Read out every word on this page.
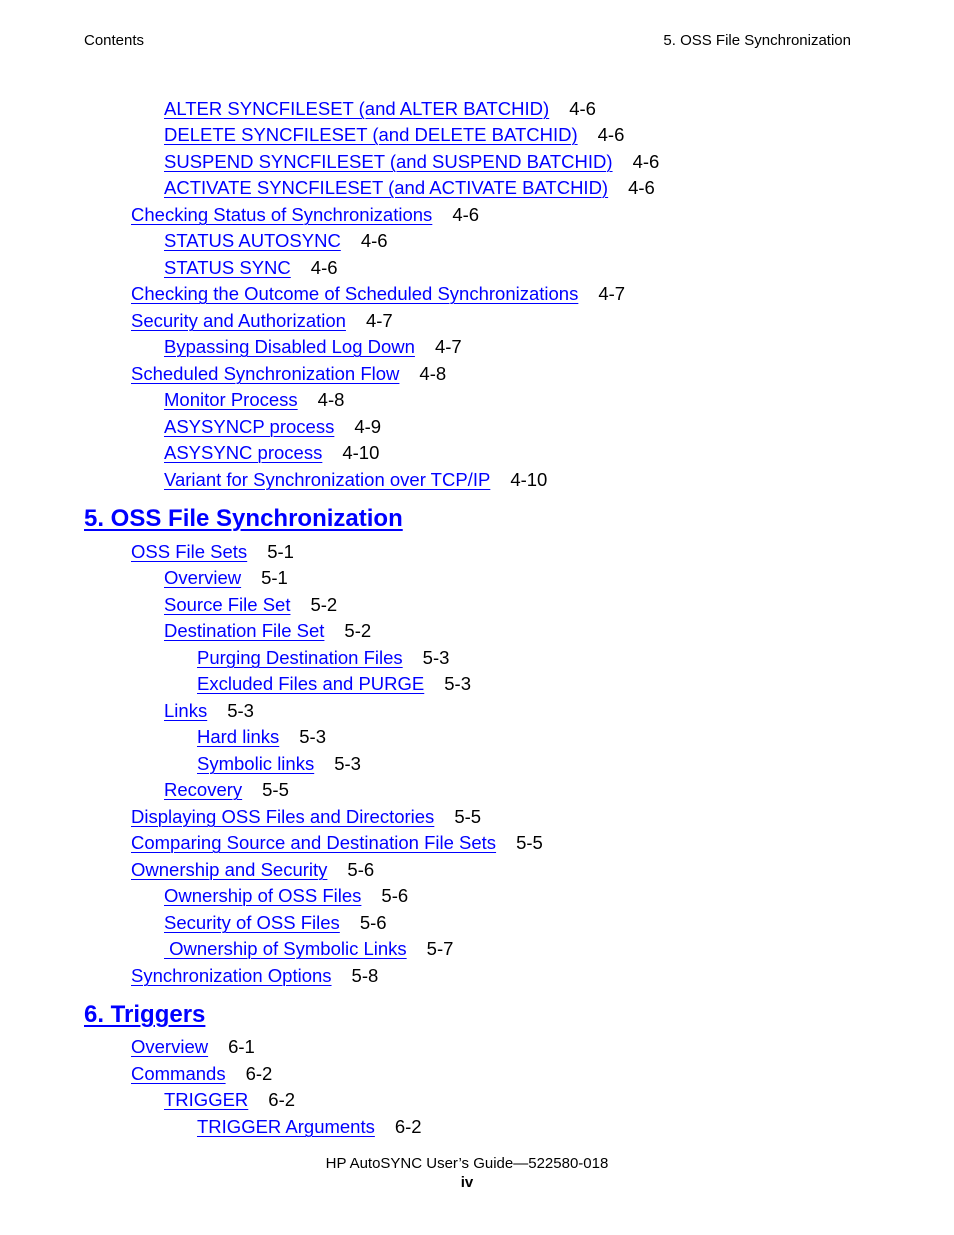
Contents	5. OSS File Synchronization
ALTER SYNCFILESET (and ALTER BATCHID) 4-6
DELETE SYNCFILESET (and DELETE BATCHID) 4-6
SUSPEND SYNCFILESET (and SUSPEND BATCHID) 4-6
ACTIVATE SYNCFILESET (and ACTIVATE BATCHID) 4-6
Checking Status of Synchronizations 4-6
STATUS AUTOSYNC 4-6
STATUS SYNC 4-6
Checking the Outcome of Scheduled Synchronizations 4-7
Security and Authorization 4-7
Bypassing Disabled Log Down 4-7
Scheduled Synchronization Flow 4-8
Monitor Process 4-8
ASYSYNCP process 4-9
ASYSYNC process 4-10
Variant for Synchronization over TCP/IP 4-10
5. OSS File Synchronization
OSS File Sets 5-1
Overview 5-1
Source File Set 5-2
Destination File Set 5-2
Purging Destination Files 5-3
Excluded Files and PURGE 5-3
Links 5-3
Hard links 5-3
Symbolic links 5-3
Recovery 5-5
Displaying OSS Files and Directories 5-5
Comparing Source and Destination File Sets 5-5
Ownership and Security 5-6
Ownership of OSS Files 5-6
Security of OSS Files 5-6
Ownership of Symbolic Links 5-7
Synchronization Options 5-8
6. Triggers
Overview 6-1
Commands 6-2
TRIGGER 6-2
TRIGGER Arguments 6-2
HP AutoSYNC User’s Guide—522580-018
iv
